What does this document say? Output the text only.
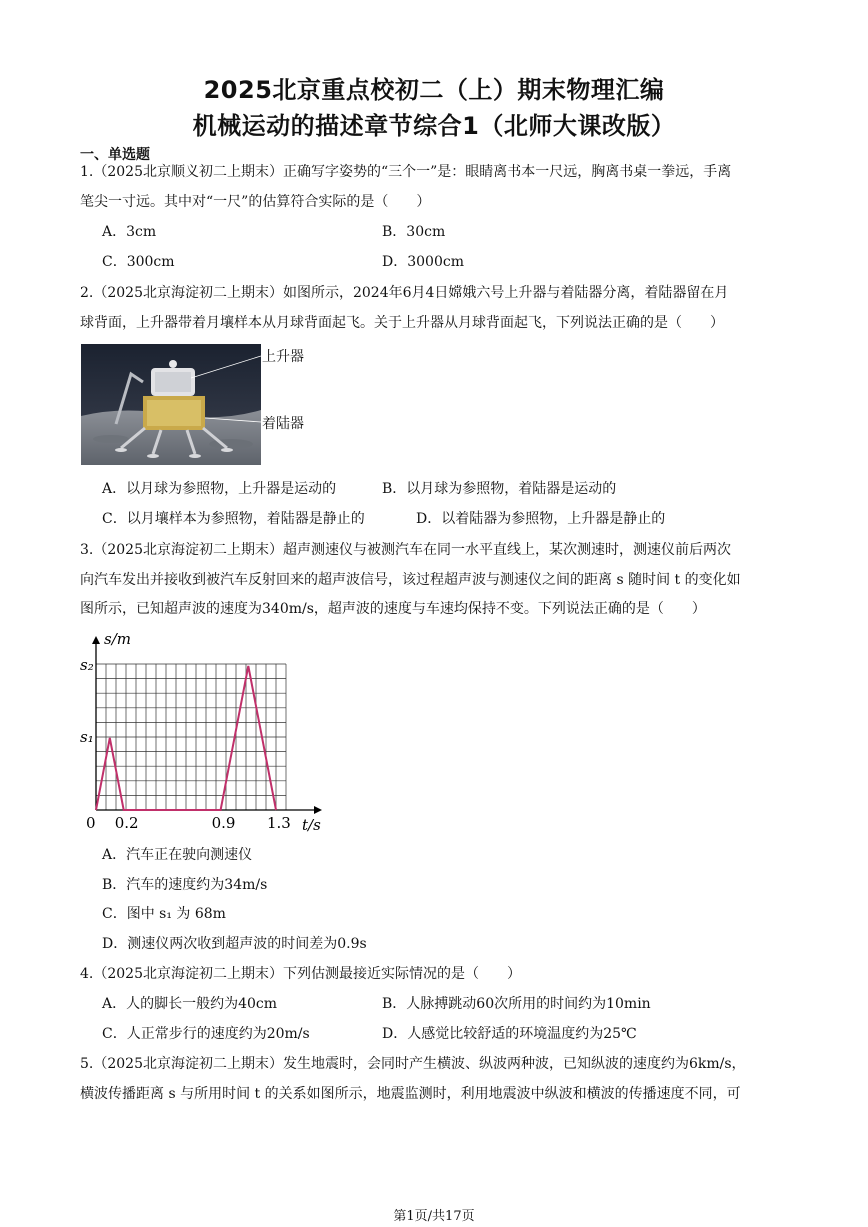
2025北京重点校初二（上）期末物理汇编
机械运动的描述章节综合1（北师大课改版）
一、单选题
1.（2025北京顺义初二上期末）正确写字姿势的“三个一”是：眼睛离书本一尺远，胸离书桌一拳远，手离
笔尖一寸远。其中对“一尺”的估算符合实际的是（　　）
A．3cm	B．30cm
C．300cm	D．3000cm
2.（2025北京海淀初二上期末）如图所示，2024年6月4日嫦娥六号上升器与着陆器分离，着陆器留在月
球背面，上升器带着月壤样本从月球背面起飞。关于上升器从月球背面起飞，下列说法正确的是（　　）
上升器
着陆器
A．以月球为参照物，上升器是运动的	B．以月球为参照物，着陆器是运动的
C．以月壤样本为参照物，着陆器是静止的	D．以着陆器为参照物，上升器是静止的
3.（2025北京海淀初二上期末）超声测速仪与被测汽车在同一水平直线上，某次测速时，测速仪前后两次
向汽车发出并接收到被汽车反射回来的超声波信号，该过程超声波与测速仪之间的距离 s 随时间 t 的变化如
图所示，已知超声波的速度为340m/s，超声波的速度与车速均保持不变。下列说法正确的是（　　）
s/m
t/s
0 0.2	0.9 1.3
s₁
s₂
A．汽车正在驶向测速仪
B．汽车的速度约为34m/s
C．图中 s₁ 为 68m
D．测速仪两次收到超声波的时间差为0.9s
4.（2025北京海淀初二上期末）下列估测最接近实际情况的是（　　）
A．人的脚长一般约为40cm	B．人脉搏跳动60次所用的时间约为10min
C．人正常步行的速度约为20m/s	D．人感觉比较舒适的环境温度约为25℃
5.（2025北京海淀初二上期末）发生地震时，会同时产生横波、纵波两种波，已知纵波的速度约为6km/s，
横波传播距离 s 与所用时间 t 的关系如图所示，地震监测时，利用地震波中纵波和横波的传播速度不同，可
第1页/共17页
